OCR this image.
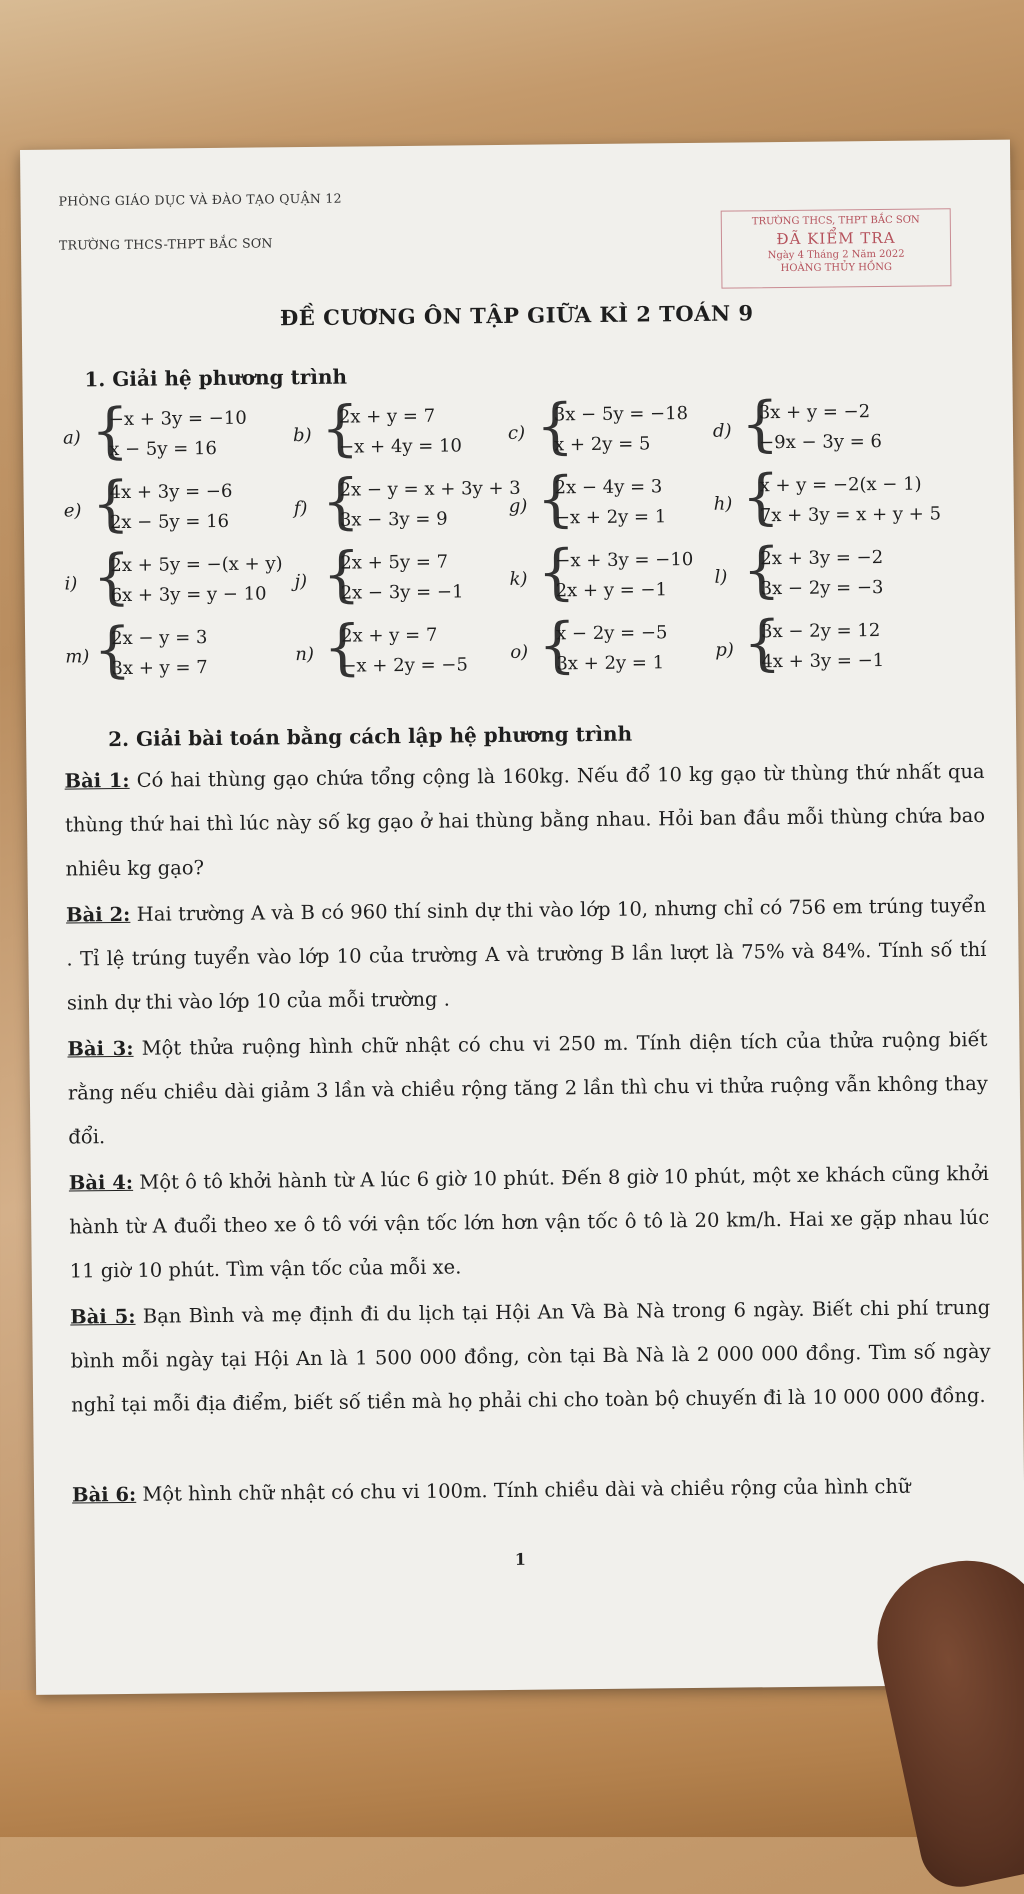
PHÒNG GIÁO DỤC VÀ ĐÀO TẠO QUẬN 12
TRƯỜNG THCS-THPT BẮC SƠN
TRƯỜNG THCS, THPT BẮC SƠN
ĐÃ KIỂM TRA
Ngày 4 Tháng 2 Năm 2022
HOÀNG THỦY HỒNG
ĐỀ CƯƠNG ÔN TẬP GIỮA KÌ 2 TOÁN 9
1. Giải hệ phương trình
a) {
−x + 3y = −10
x − 5y = 16
b) {
2x + y = 7
−x + 4y = 10
c) {
3x − 5y = −18
x + 2y = 5
d) {
3x + y = −2
−9x − 3y = 6
e) {
4x + 3y = −6
2x − 5y = 16
f) {
2x − y = x + 3y + 3
3x − 3y = 9
g) {
2x − 4y = 3
−x + 2y = 1
h) {
x + y = −2(x − 1)
7x + 3y = x + y + 5
i) {
2x + 5y = −(x + y)
6x + 3y = y − 10
j) {
2x + 5y = 7
2x − 3y = −1
k) {
−x + 3y = −10
2x + y = −1
l) {
2x + 3y = −2
3x − 2y = −3
m) {
2x − y = 3
3x + y = 7
n) {
2x + y = 7
−x + 2y = −5
o) {
x − 2y = −5
3x + 2y = 1
p) {
3x − 2y = 12
4x + 3y = −1
2. Giải bài toán bằng cách lập hệ phương trình
Bài 1: Có hai thùng gạo chứa tổng cộng là 160kg. Nếu đổ 10 kg gạo từ thùng thứ nhất qua thùng thứ hai thì lúc này số kg gạo ở hai thùng bằng nhau. Hỏi ban đầu mỗi thùng chứa bao nhiêu kg gạo?
Bài 2: Hai trường A và B có 960 thí sinh dự thi vào lớp 10, nhưng chỉ có 756 em trúng tuyển . Tỉ lệ trúng tuyển vào lớp 10 của trường A và trường B lần lượt là 75% và 84%. Tính số thí sinh dự thi vào lớp 10 của mỗi trường .
Bài 3: Một thửa ruộng hình chữ nhật có chu vi 250 m. Tính diện tích của thửa ruộng biết rằng nếu chiều dài giảm 3 lần và chiều rộng tăng 2 lần thì chu vi thửa ruộng vẫn không thay đổi.
Bài 4: Một ô tô khởi hành từ A lúc 6 giờ 10 phút. Đến 8 giờ 10 phút, một xe khách cũng khởi hành từ A đuổi theo xe ô tô với vận tốc lớn hơn vận tốc ô tô là 20 km/h. Hai xe gặp nhau lúc 11 giờ 10 phút. Tìm vận tốc của mỗi xe.
Bài 5: Bạn Bình và mẹ định đi du lịch tại Hội An Và Bà Nà trong 6 ngày. Biết chi phí trung bình mỗi ngày tại Hội An là 1 500 000 đồng, còn tại Bà Nà là 2 000 000 đồng. Tìm số ngày nghỉ tại mỗi địa điểm, biết số tiền mà họ phải chi cho toàn bộ chuyến đi là 10 000 000 đồng.
Bài 6: Một hình chữ nhật có chu vi 100m. Tính chiều dài và chiều rộng của hình chữ
1
